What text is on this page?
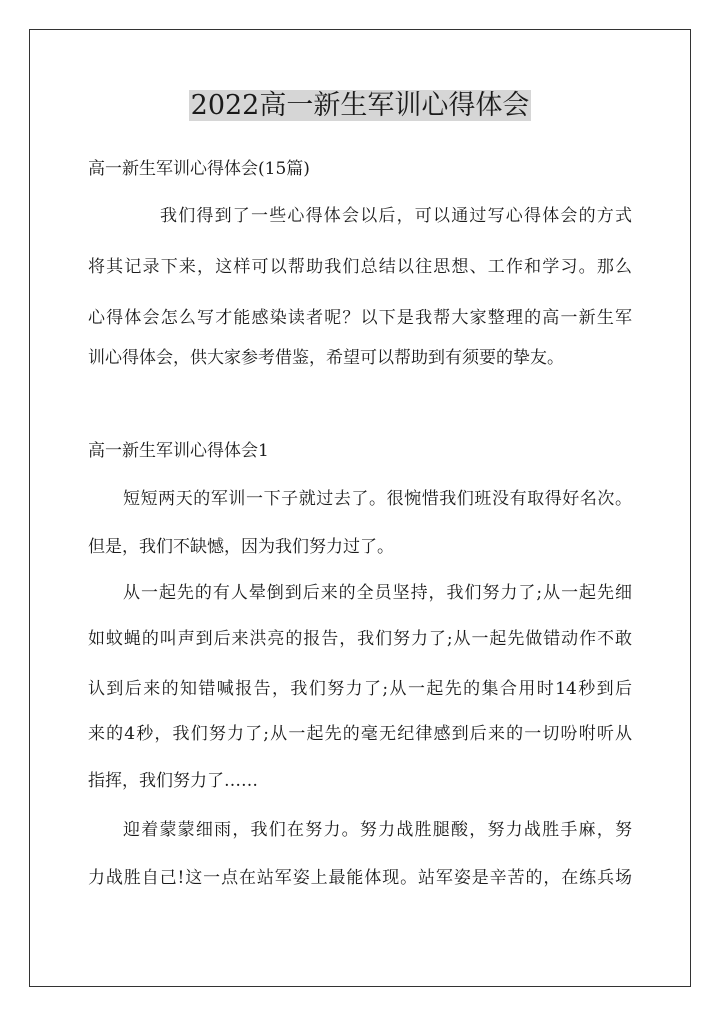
2022高一新生军训心得体会
高一新生军训心得体会(15篇)
我们得到了一些心得体会以后，可以通过写心得体会的方式
将其记录下来，这样可以帮助我们总结以往思想、工作和学习。那么
心得体会怎么写才能感染读者呢？以下是我帮大家整理的高一新生军
训心得体会，供大家参考借鉴，希望可以帮助到有须要的挚友。
高一新生军训心得体会1
短短两天的军训一下子就过去了。很惋惜我们班没有取得好名次。
但是，我们不缺憾，因为我们努力过了。
从一起先的有人晕倒到后来的全员坚持，我们努力了;从一起先细
如蚊蝇的叫声到后来洪亮的报告，我们努力了;从一起先做错动作不敢
认到后来的知错喊报告，我们努力了;从一起先的集合用时14秒到后
来的4秒，我们努力了;从一起先的毫无纪律感到后来的一切吩咐听从
指挥，我们努力了……
迎着蒙蒙细雨，我们在努力。努力战胜腿酸，努力战胜手麻，努
力战胜自己!这一点在站军姿上最能体现。站军姿是辛苦的，在练兵场
